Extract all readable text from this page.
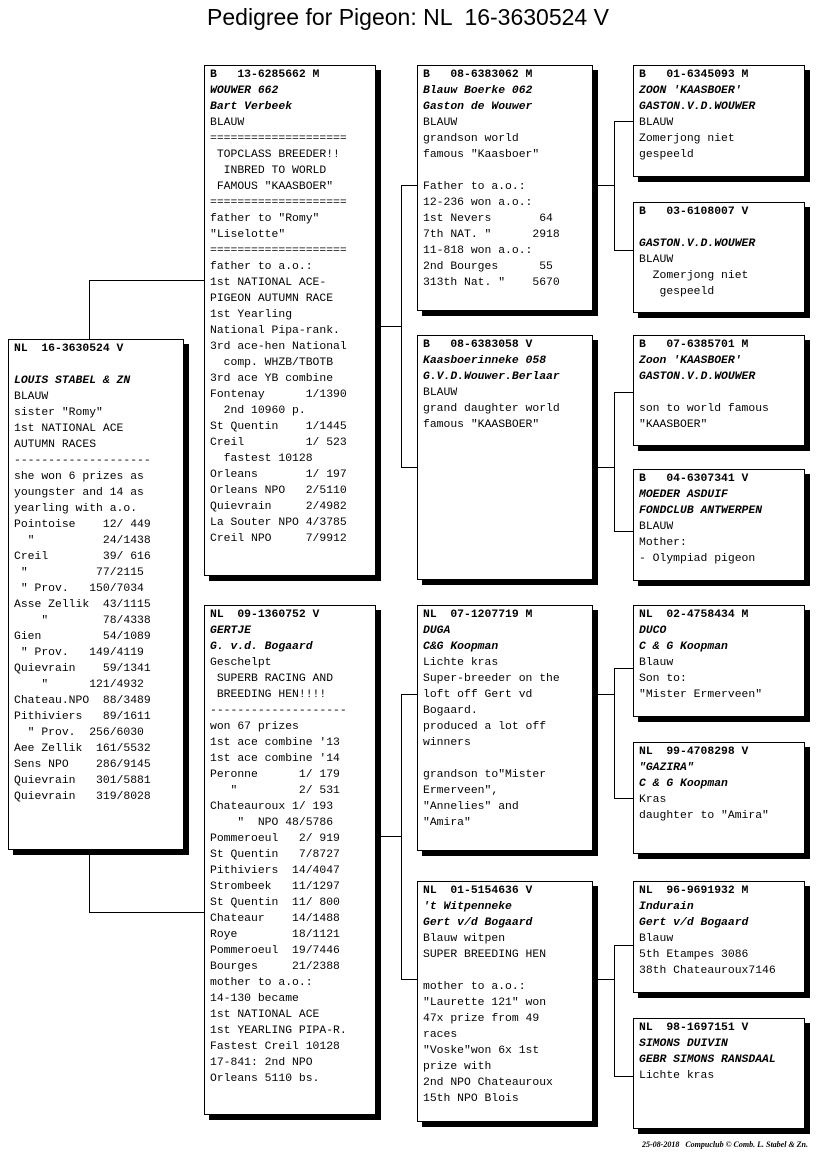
Pedigree for Pigeon: NL  16-3630524 V
NL  16-3630524 V
LOUIS STABEL & ZN
BLAUW
sister "Romy"
1st NATIONAL ACE
AUTUMN RACES
--------------------
she won 6 prizes as
youngster and 14 as
yearling with a.o.
Pointoise    12/ 449
"          24/1438
Creil        39/ 616
"          77/2115
" Prov.   150/7034
Asse Zellik  43/1115
"        78/4338
Gien         54/1089
" Prov.   149/4119
Quievrain    59/1341
"      121/4932
Chateau.NPO  88/3489
Pithiviers   89/1611
" Prov.  256/6030
Aee Zellik  161/5532
Sens NPO    286/9145
Quievrain   301/5881
Quievrain   319/8028
B   13-6285662 M
WOUWER 662
Bart Verbeek
BLAUW
====================
TOPCLASS BREEDER!!
INBRED TO WORLD
FAMOUS "KAASBOER"
====================
father to "Romy"
"Liselotte"
====================
father to a.o.:
1st NATIONAL ACE-
PIGEON AUTUMN RACE
1st Yearling
National Pipa-rank.
3rd ace-hen National
comp. WHZB/TBOTB
3rd ace YB combine
Fontenay      1/1390
2nd 10960 p.
St Quentin    1/1445
Creil         1/ 523
fastest 10128
Orleans       1/ 197
Orleans NPO   2/5110
Quievrain     2/4982
La Souter NPO 4/3785
Creil NPO     7/9912
NL  09-1360752 V
GERTJE
G. v.d. Bogaard
Geschelpt
SUPERB RACING AND
BREEDING HEN!!!!
--------------------
won 67 prizes
1st ace combine '13
1st ace combine '14
Peronne      1/ 179
"         2/ 531
Chateauroux 1/ 193
"  NPO 48/5786
Pommeroeul   2/ 919
St Quentin   7/8727
Pithiviers  14/4047
Strombeek   11/1297
St Quentin  11/ 800
Chateaur    14/1488
Roye        18/1121
Pommeroeul  19/7446
Bourges     21/2388
mother to a.o.:
14-130 became
1st NATIONAL ACE
1st YEARLING PIPA-R.
Fastest Creil 10128
17-841: 2nd NPO
Orleans 5110 bs.
B   08-6383062 M
Blauw Boerke 062
Gaston de Wouwer
BLAUW
grandson world
famous "Kaasboer"
Father to a.o.:
12-236 won a.o.:
1st Nevers       64
7th NAT. "      2918
11-818 won a.o.:
2nd Bourges      55
313th Nat. "    5670
B   08-6383058 V
Kaasboerinneke 058
G.V.D.Wouwer.Berlaar
BLAUW
grand daughter world
famous "KAASBOER"
NL  07-1207719 M
DUGA
C&G Koopman
Lichte kras
Super-breeder on the
loft off Gert vd
Bogaard.
produced a lot off
winners
grandson to"Mister
Ermerveen",
"Annelies" and
"Amira"
NL  01-5154636 V
't Witpenneke
Gert v/d Bogaard
Blauw witpen
SUPER BREEDING HEN
mother to a.o.:
"Laurette 121" won
47x prize from 49
races
"Voske"won 6x 1st
prize with
2nd NPO Chateauroux
15th NPO Blois
B   01-6345093 M
ZOON 'KAASBOER'
GASTON.V.D.WOUWER
BLAUW
Zomerjong niet
gespeeld
B   03-6108007 V
GASTON.V.D.WOUWER
BLAUW
Zomerjong niet
gespeeld
B   07-6385701 M
Zoon 'KAASBOER'
GASTON.V.D.WOUWER
son to world famous
"KAASBOER"
B   04-6307341 V
MOEDER ASDUIF
FONDCLUB ANTWERPEN
BLAUW
Mother:
- Olympiad pigeon
NL  02-4758434 M
DUCO
C & G Koopman
Blauw
Son to:
"Mister Ermerveen"
NL  99-4708298 V
"GAZIRA"
C & G Koopman
Kras
daughter to "Amira"
NL  96-9691932 M
Indurain
Gert v/d Bogaard
Blauw
5th Etampes 3086
38th Chateauroux7146
NL  98-1697151 V
SIMONS DUIVIN
GEBR SIMONS RANSDAAL
Lichte kras
25-08-2018   Compuclub © Comb. L. Stabel & Zn.
